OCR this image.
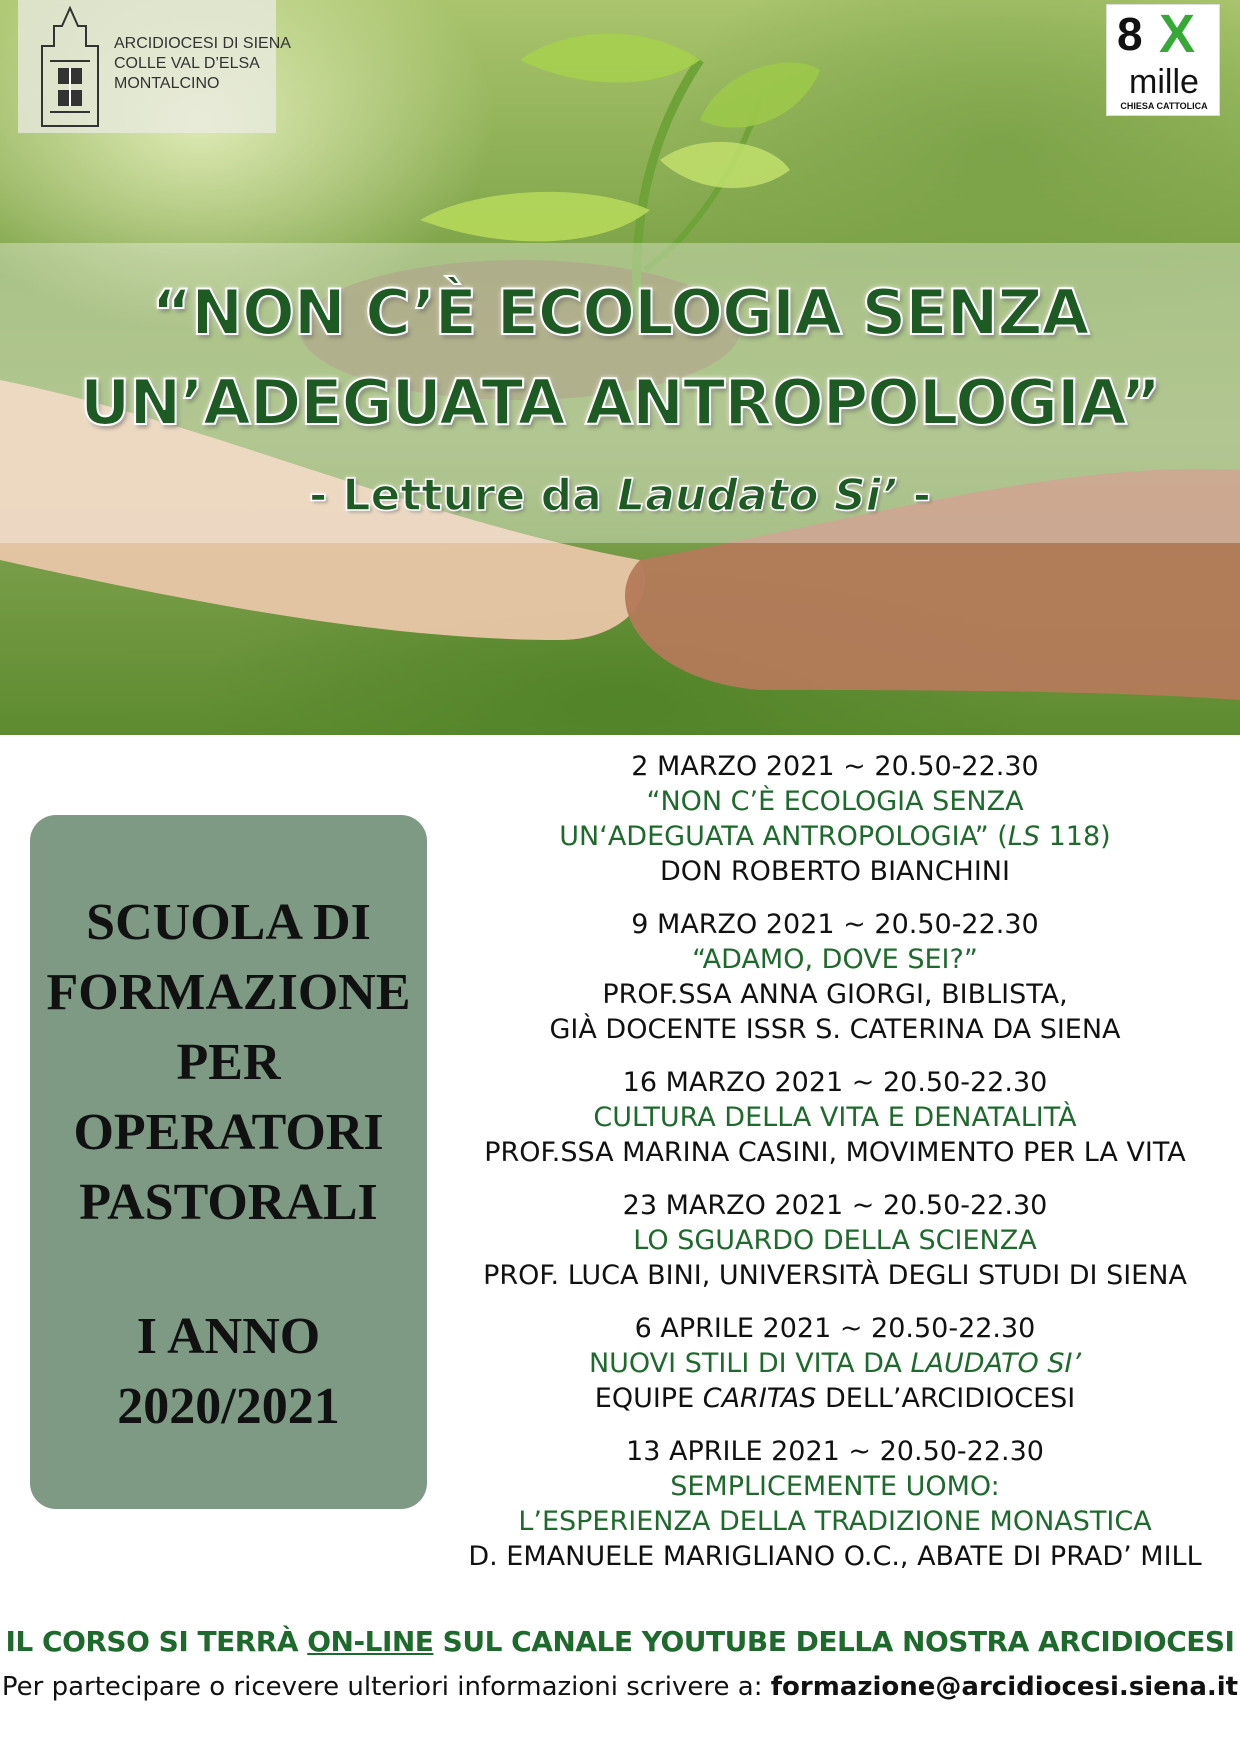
ARCIDIOCESI DI SIENA
COLLE VAL D’ELSA
MONTALCINO
8 X
mille
CHIESA CATTOLICA
“NON C’È ECOLOGIA SENZA
UN’ADEGUATA ANTROPOLOGIA”
- Letture da Laudato Si’ -
SCUOLA DI
FORMAZIONE
PER
OPERATORI
PASTORALI
I ANNO
2020/2021
2 MARZO 2021 ~ 20.50-22.30
“NON C’È ECOLOGIA SENZA
UN‘ADEGUATA ANTROPOLOGIA” (LS 118)
DON ROBERTO BIANCHINI
9 MARZO 2021 ~ 20.50-22.30
“ADAMO, DOVE SEI?”
PROF.SSA ANNA GIORGI, BIBLISTA,
GIÀ DOCENTE ISSR S. CATERINA DA SIENA
16 MARZO 2021 ~ 20.50-22.30
CULTURA DELLA VITA E DENATALITÀ
PROF.SSA MARINA CASINI, MOVIMENTO PER LA VITA
23 MARZO 2021 ~ 20.50-22.30
LO SGUARDO DELLA SCIENZA
PROF. LUCA BINI, UNIVERSITÀ DEGLI STUDI DI SIENA
6 APRILE 2021 ~ 20.50-22.30
NUOVI STILI DI VITA DA LAUDATO SI’
EQUIPE CARITAS DELL’ARCIDIOCESI
13 APRILE 2021 ~ 20.50-22.30
SEMPLICEMENTE UOMO:
L’ESPERIENZA DELLA TRADIZIONE MONASTICA
D. EMANUELE MARIGLIANO O.C., ABATE DI PRAD’ MILL
IL CORSO SI TERRÀ ON-LINE SUL CANALE YOUTUBE DELLA NOSTRA ARCIDIOCESI
Per partecipare o ricevere ulteriori informazioni scrivere a: formazione@arcidiocesi.siena.it
